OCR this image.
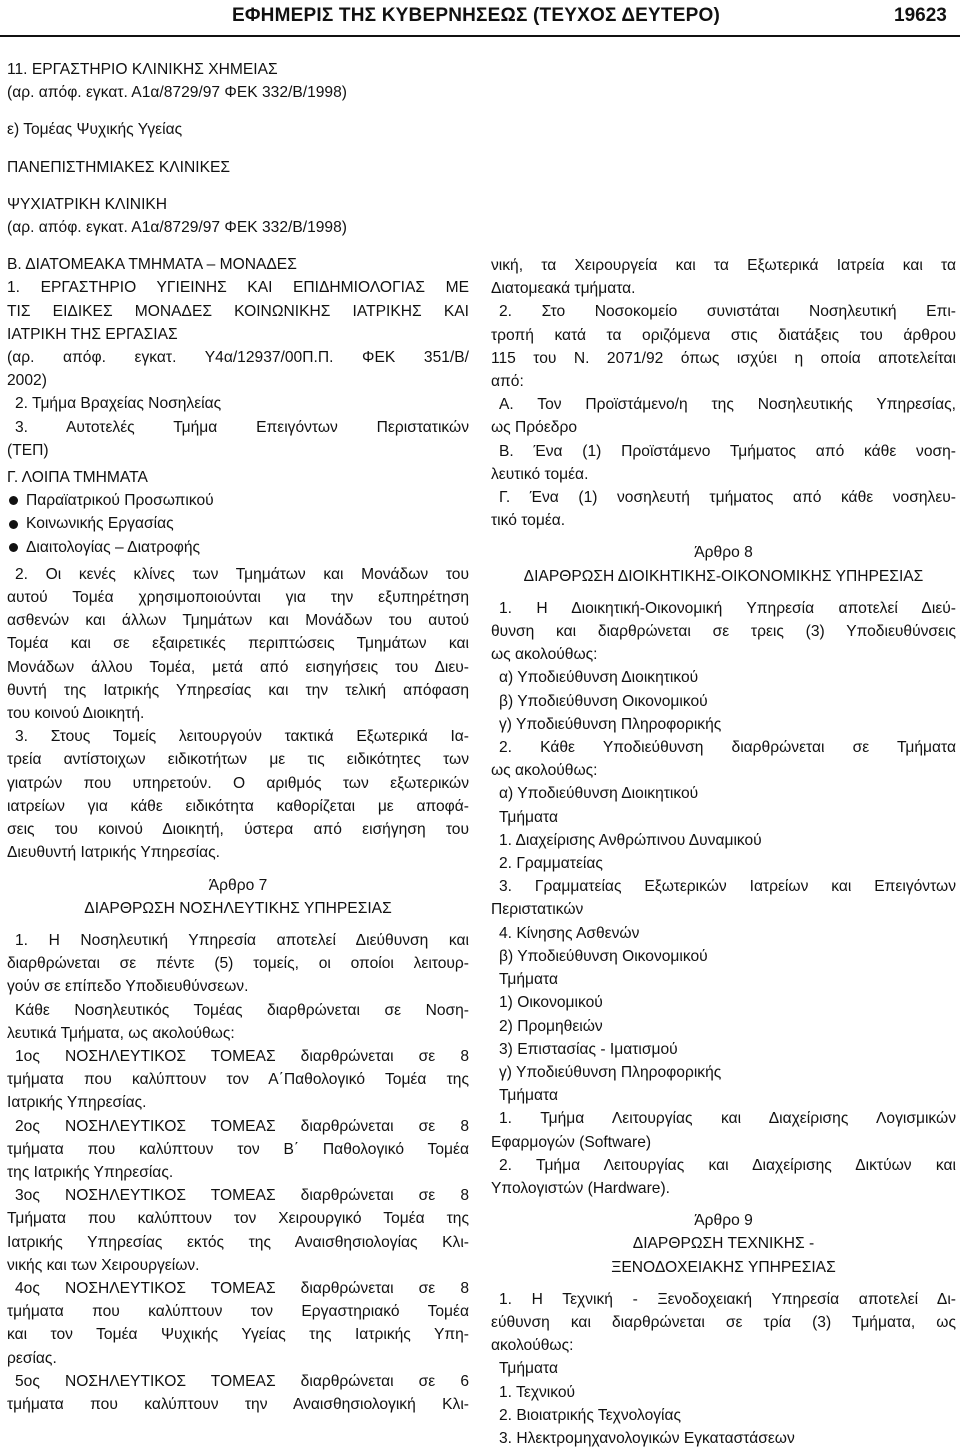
ΕΦΗΜΕΡΙΣ ΤΗΣ ΚΥΒΕΡΝΗΣΕΩΣ (ΤΕΥΧΟΣ ΔΕΥΤΕΡΟ)	19623

11. ΕΡΓΑΣΤΗΡΙΟ ΚΛΙΝΙΚΗΣ ΧΗΜΕΙΑΣ

(αρ. απόφ. εγκατ. Α1α/8729/97 ΦΕΚ 332/Β/1998)

ε) Τομέας Ψυχικής Υγείας

ΠΑΝΕΠΙΣΤΗΜΙΑΚΕΣ ΚΛΙΝΙΚΕΣ

ΨΥΧΙΑΤΡΙΚΗ ΚΛΙΝΙΚΗ

(αρ. απόφ. εγκατ. Α1α/8729/97 ΦΕΚ 332/Β/1998)

Β. ΔΙΑΤΟΜΕΑΚΑ ΤΜΗΜΑΤΑ – ΜΟΝΑΔΕΣ

1. ΕΡΓΑΣΤΗΡΙΟ ΥΓΙΕΙΝΗΣ ΚΑΙ ΕΠΙΔΗΜΙΟΛΟΓΙΑΣ ΜΕ

ΤΙΣ ΕΙΔΙΚΕΣ ΜΟΝΑΔΕΣ ΚΟΙΝΩΝΙΚΗΣ ΙΑΤΡΙΚΗΣ ΚΑΙ

ΙΑΤΡΙΚΗ ΤΗΣ ΕΡΓΑΣΙΑΣ

(αρ. απόφ. εγκατ. Υ4α/12937/00Π.Π. ΦΕΚ 351/Β/

2002)

2. Τμήμα Βραχείας Νοσηλείας

3. Αυτοτελές Τμήμα Επειγόντων Περιστατικών

(ΤΕΠ)

Γ. ΛΟΙΠΑ ΤΜΗΜΑΤΑ

Παραϊατρικού Προσωπικού
Κοινωνικής Εργασίας
Διαιτολογίας – Διατροφής

2. Οι κενές κλίνες των Τμημάτων και Μονάδων του

αυτού Τομέα χρησιμοποιούνται για την εξυπηρέτηση

ασθενών και άλλων Τμημάτων και Μονάδων του αυτού

Τομέα και σε εξαιρετικές περιπτώσεις Τμημάτων και

Μονάδων άλλου Τομέα, μετά από εισηγήσεις του Διευ-

θυντή της Ιατρικής Υπηρεσίας και την τελική απόφαση

του κοινού Διοικητή.

3. Στους Τομείς λειτουργούν τακτικά Εξωτερικά Ια-

τρεία αντίστοιχων ειδικοτήτων με τις ειδικότητες των

γιατρών που υπηρετούν. Ο αριθμός των εξωτερικών

ιατρείων για κάθε ειδικότητα καθορίζεται με αποφά-

σεις του κοινού Διοικητή, ύστερα από εισήγηση του

Διευθυντή Ιατρικής Υπηρεσίας.

Άρθρο 7

ΔΙΑΡΘΡΩΣΗ ΝΟΣΗΛΕΥΤΙΚΗΣ ΥΠΗΡΕΣΙΑΣ

1. Η Νοσηλευτική Υπηρεσία αποτελεί Διεύθυνση και

διαρθρώνεται σε πέντε (5) τομείς, οι οποίοι λειτουρ-

γούν σε επίπεδο Υποδιευθύνσεων.

Κάθε Νοσηλευτικός Τομέας διαρθρώνεται σε Νοση-

λευτικά Τμήματα, ως ακολούθως:

1ος ΝΟΣΗΛΕΥΤΙΚΟΣ ΤΟΜΕΑΣ διαρθρώνεται σε 8

τμήματα που καλύπτουν τον Α΄Παθολογικό Τομέα της

Ιατρικής Υπηρεσίας.

2ος ΝΟΣΗΛΕΥΤΙΚΟΣ ΤΟΜΕΑΣ διαρθρώνεται σε 8

τμήματα που καλύπτουν τον Β΄ Παθολογικό Τομέα

της Ιατρικής Υπηρεσίας.

3ος ΝΟΣΗΛΕΥΤΙΚΟΣ ΤΟΜΕΑΣ διαρθρώνεται σε 8

Τμήματα που καλύπτουν τον Χειρουργικό Τομέα της

Ιατρικής Υπηρεσίας εκτός της Αναισθησιολογίας Κλι-

νικής και των Χειρουργείων.

4ος ΝΟΣΗΛΕΥΤΙΚΟΣ ΤΟΜΕΑΣ διαρθρώνεται σε 8

τμήματα που καλύπτουν τον Εργαστηριακό Τομέα

και τον Τομέα Ψυχικής Υγείας της Ιατρικής Υπη-

ρεσίας.

5ος ΝΟΣΗΛΕΥΤΙΚΟΣ ΤΟΜΕΑΣ διαρθρώνεται σε 6

τμήματα που καλύπτουν την Αναισθησιολογική Κλι-

νική, τα Χειρουργεία και τα Εξωτερικά Ιατρεία και τα

Διατομεακά τμήματα.

2. Στο Νοσοκομείο συνιστάται Νοσηλευτική Επι-

τροπή κατά τα οριζόμενα στις διατάξεις του άρθρου

115 του Ν. 2071/92 όπως ισχύει η οποία αποτελείται

από:

Α. Τον Προϊστάμενο/η της Νοσηλευτικής Υπηρεσίας,

ως Πρόεδρο

Β. Ένα (1) Προϊστάμενο Τμήματος από κάθε νοση-

λευτικό τομέα.

Γ. Ένα (1) νοσηλευτή τμήματος από κάθε νοσηλευ-

τικό τομέα.

Άρθρο 8

ΔΙΑΡΘΡΩΣΗ ΔΙΟΙΚΗΤΙΚΗΣ-ΟΙΚΟΝΟΜΙΚΗΣ ΥΠΗΡΕΣΙΑΣ

1. Η Διοικητική-Οικονομική Υπηρεσία αποτελεί Διεύ-

θυνση και διαρθρώνεται σε τρεις (3) Υποδιευθύνσεις

ως ακολούθως:

α) Υποδιεύθυνση Διοικητικού

β) Υποδιεύθυνση Οικονομικού

γ) Υποδιεύθυνση Πληροφορικής

2. Κάθε Υποδιεύθυνση διαρθρώνεται σε Τμήματα

ως ακολούθως:

α) Υποδιεύθυνση Διοικητικού

Τμήματα

1. Διαχείρισης Ανθρώπινου Δυναμικού

2. Γραμματείας

3. Γραμματείας Εξωτερικών Ιατρείων και Επειγόντων

Περιστατικών

4. Κίνησης Ασθενών

β) Υποδιεύθυνση Οικονομικού

Τμήματα

1) Οικονομικού

2) Προμηθειών

3) Επιστασίας - Ιματισμού

γ) Υποδιεύθυνση Πληροφορικής

Τμήματα

1. Τμήμα Λειτουργίας και Διαχείρισης Λογισμικών

Εφαρμογών (Software)

2. Τμήμα Λειτουργίας και Διαχείρισης Δικτύων και

Υπολογιστών (Hardware).

Άρθρο 9

ΔΙΑΡΘΡΩΣΗ ΤΕΧΝΙΚΗΣ -

ΞΕΝΟΔΟΧΕΙΑΚΗΣ ΥΠΗΡΕΣΙΑΣ

1. Η Τεχνική - Ξενοδοχειακή Υπηρεσία αποτελεί Δι-

εύθυνση και διαρθρώνεται σε τρία (3) Τμήματα, ως

ακολούθως:

Τμήματα

1. Τεχνικού

2. Βιοιατρικής Τεχνολογίας

3. Ηλεκτρομηχανολογικών Εγκαταστάσεων
